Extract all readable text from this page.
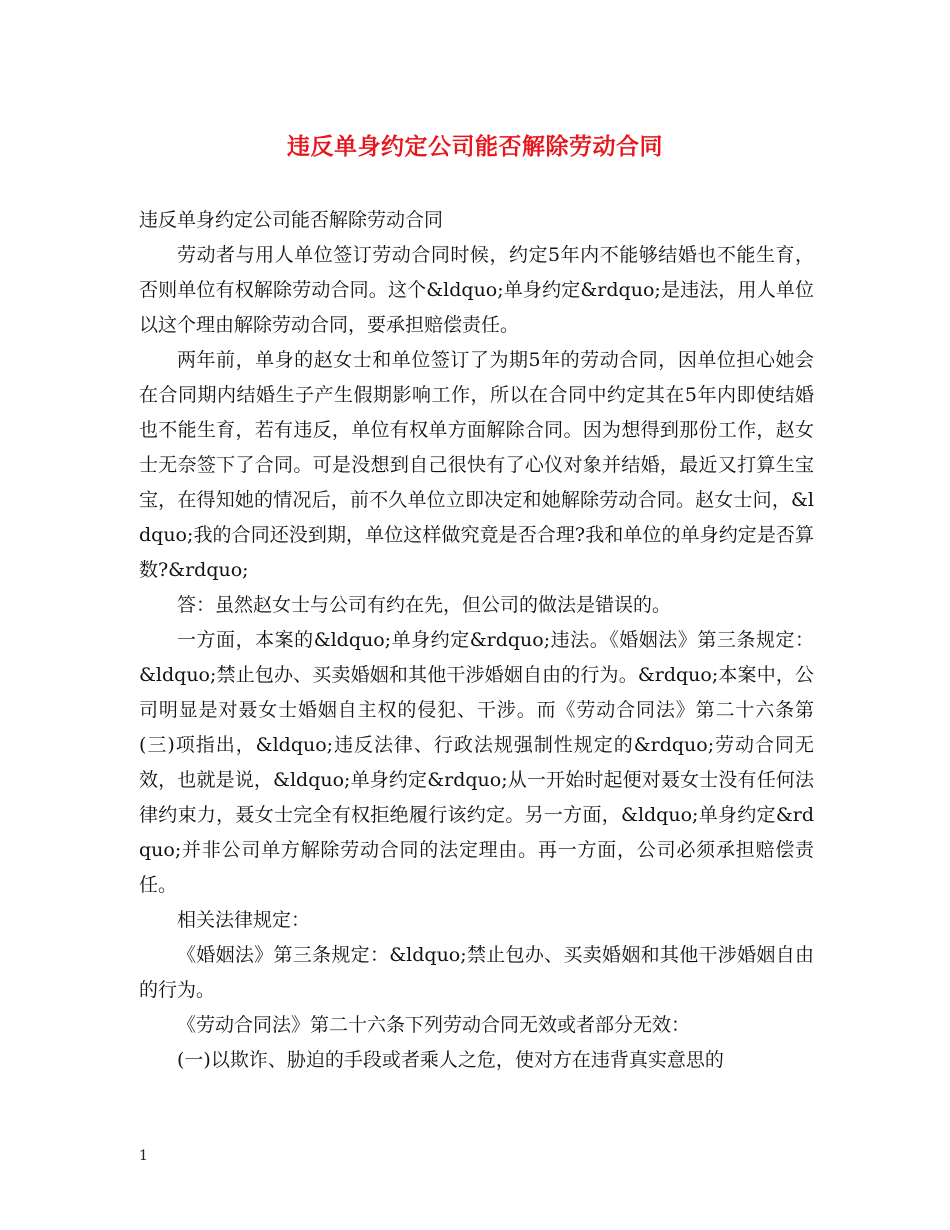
违反单身约定公司能否解除劳动合同

违反单身约定公司能否解除劳动合同

劳动者与用人单位签订劳动合同时候，约定5年内不能够结婚也不能生育，否则单位有权解除劳动合同。这个&ldquo;单身约定&rdquo;是违法，用人单位以这个理由解除劳动合同，要承担赔偿责任。

两年前，单身的赵女士和单位签订了为期5年的劳动合同，因单位担心她会在合同期内结婚生子产生假期影响工作，所以在合同中约定其在5年内即使结婚也不能生育，若有违反，单位有权单方面解除合同。因为想得到那份工作，赵女士无奈签下了合同。可是没想到自己很快有了心仪对象并结婚，最近又打算生宝宝，在得知她的情况后，前不久单位立即决定和她解除劳动合同。赵女士问，&ldquo;我的合同还没到期，单位这样做究竟是否合理?我和单位的单身约定是否算数?&rdquo;

答：虽然赵女士与公司有约在先，但公司的做法是错误的。

一方面，本案的&ldquo;单身约定&rdquo;违法。《婚姻法》第三条规定：&ldquo;禁止包办、买卖婚姻和其他干涉婚姻自由的行为。&rdquo;本案中，公司明显是对聂女士婚姻自主权的侵犯、干涉。而《劳动合同法》第二十六条第(三)项指出，&ldquo;违反法律、行政法规强制性规定的&rdquo;劳动合同无效，也就是说，&ldquo;单身约定&rdquo;从一开始时起便对聂女士没有任何法律约束力，聂女士完全有权拒绝履行该约定。另一方面，&ldquo;单身约定&rdquo;并非公司单方解除劳动合同的法定理由。再一方面，公司必须承担赔偿责任。

相关法律规定：

《婚姻法》第三条规定：&ldquo;禁止包办、买卖婚姻和其他干涉婚姻自由的行为。

《劳动合同法》第二十六条下列劳动合同无效或者部分无效：

(一)以欺诈、胁迫的手段或者乘人之危，使对方在违背真实意思的

1
